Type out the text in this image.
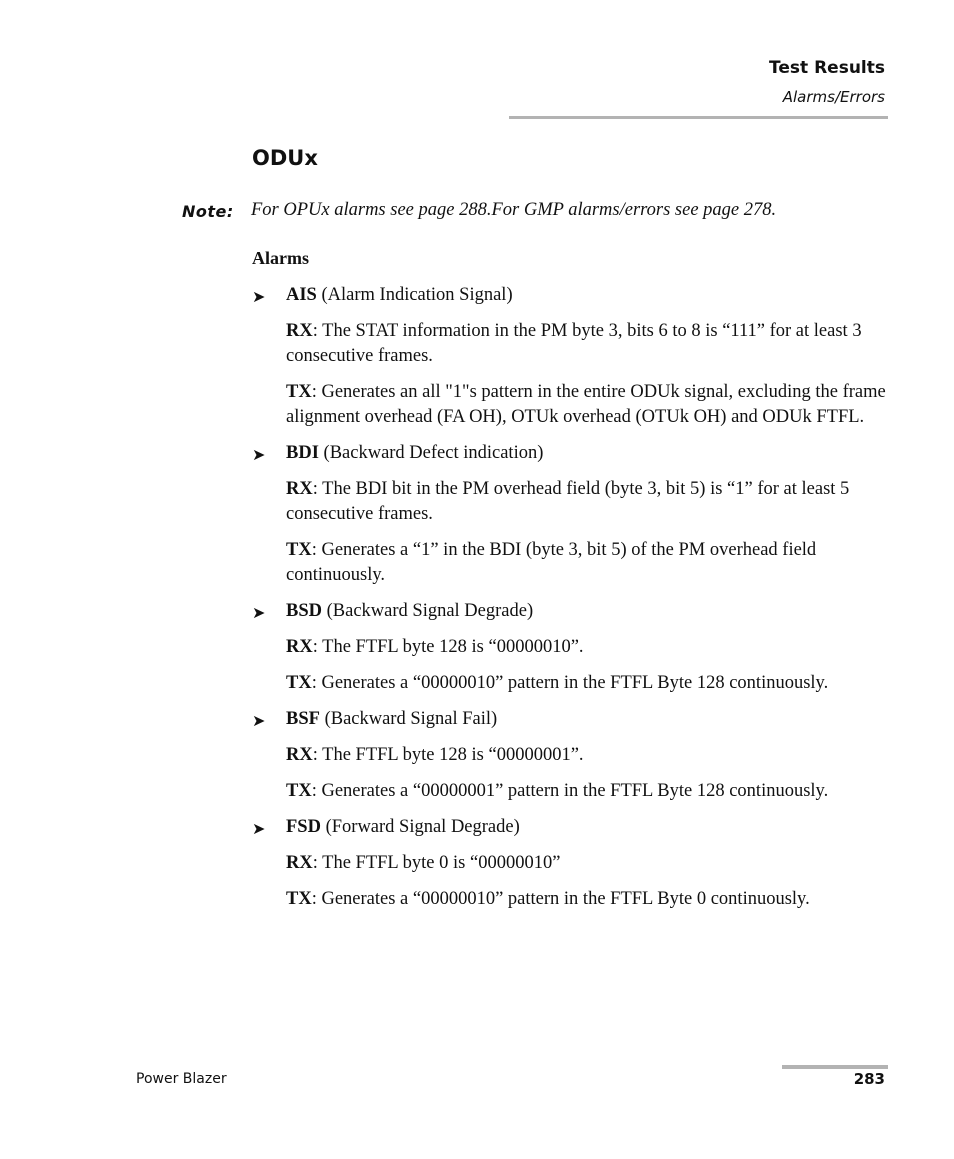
Test Results
Alarms/Errors
ODUx
Note: For OPUx alarms see page 288.For GMP alarms/errors see page 278.
Alarms

➤ AIS (Alarm Indication Signal)

RX: The STAT information in the PM byte 3, bits 6 to 8 is “111” for at least 3 consecutive frames.

TX: Generates an all "1"s pattern in the entire ODUk signal, excluding the frame alignment overhead (FA OH), OTUk overhead (OTUk OH) and ODUk FTFL.

➤ BDI (Backward Defect indication)

RX: The BDI bit in the PM overhead field (byte 3, bit 5) is “1” for at least 5 consecutive frames.

TX: Generates a “1” in the BDI (byte 3, bit 5) of the PM overhead field continuously.

➤ BSD (Backward Signal Degrade)

RX: The FTFL byte 128 is “00000010”.

TX: Generates a “00000010” pattern in the FTFL Byte 128 continuously.

➤ BSF (Backward Signal Fail)

RX: The FTFL byte 128 is “00000001”.

TX: Generates a “00000001” pattern in the FTFL Byte 128 continuously.

➤ FSD (Forward Signal Degrade)

RX: The FTFL byte 0 is “00000010”

TX: Generates a “00000010” pattern in the FTFL Byte 0 continuously.

Power Blazer	283
